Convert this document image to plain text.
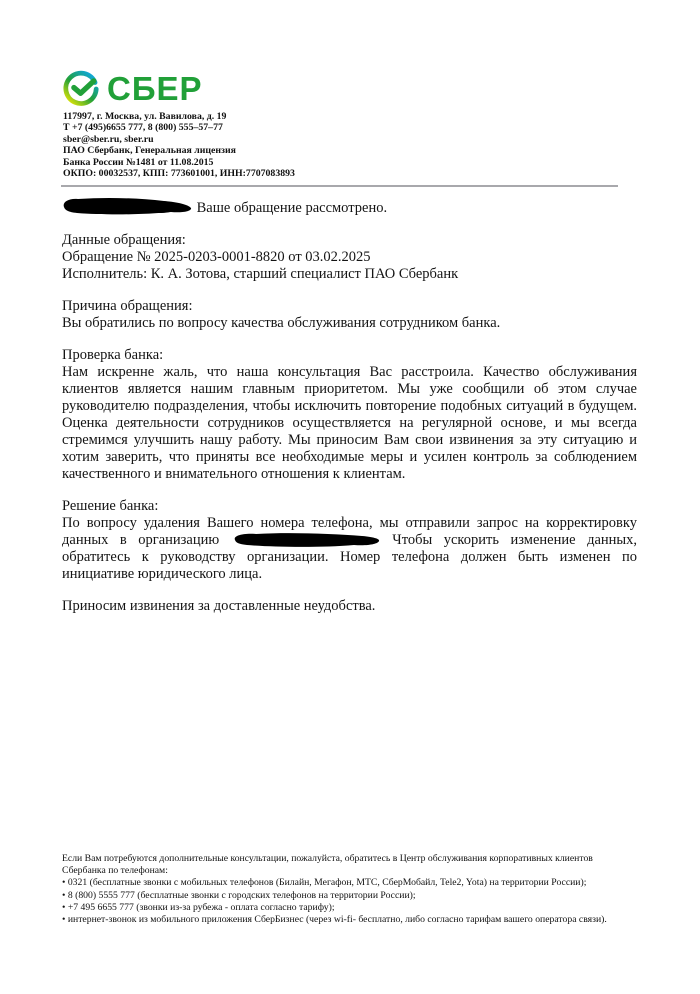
СБЕР
117997, г. Москва, ул. Вавилова, д. 19
Т +7 (495)6655 777, 8 (800) 555–57–77
sber@sber.ru, sber.ru
ПАО Сбербанк, Генеральная лицензия
Банка России №1481 от 11.08.2015
ОКПО: 00032537, КПП: 773601001, ИНН:7707083893

Ваше обращение рассмотрено.

Данные обращения:

Обращение № 2025-0203-0001-8820 от 03.02.2025

Исполнитель: К. А. Зотова, старший специалист ПАО Сбербанк

Причина обращения:

Вы обратились по вопросу качества обслуживания сотрудником банка.

Проверка банка:

Нам искренне жаль, что наша консультация Вас расстроила. Качество обслуживания клиентов является нашим главным приоритетом. Мы уже сообщили об этом случае руководителю подразделения, чтобы исключить повторение подобных ситуаций в будущем. Оценка деятельности сотрудников осуществляется на регулярной основе, и мы всегда стремимся улучшить нашу работу. Мы приносим Вам свои извинения за эту ситуацию и хотим заверить, что приняты все необходимые меры и усилен контроль за соблюдением качественного и внимательного отношения к клиентам.

Решение банка:

По вопросу удаления Вашего номера телефона, мы отправили запрос на корректировку данных в организацию	Чтобы ускорить изменение данных, обратитесь к руководству организации. Номер телефона должен быть изменен по инициативе юридического лица.

Приносим извинения за доставленные неудобства.

Если Вам потребуются дополнительные консультации, пожалуйста, обратитесь в Центр обслуживания корпоративных клиентов Сбербанка по телефонам:

• 0321 (бесплатные звонки с мобильных телефонов (Билайн, Мегафон, МТС, СберМобайл, Tele2, Yota) на территории России);

• 8 (800) 5555 777 (бесплатные звонки с городских телефонов на территории России);

• +7 495 6655 777 (звонки из-за рубежа - оплата согласно тарифу);

• интернет-звонок из мобильного приложения СберБизнес (через wi-fi- бесплатно, либо согласно тарифам вашего оператора связи).
